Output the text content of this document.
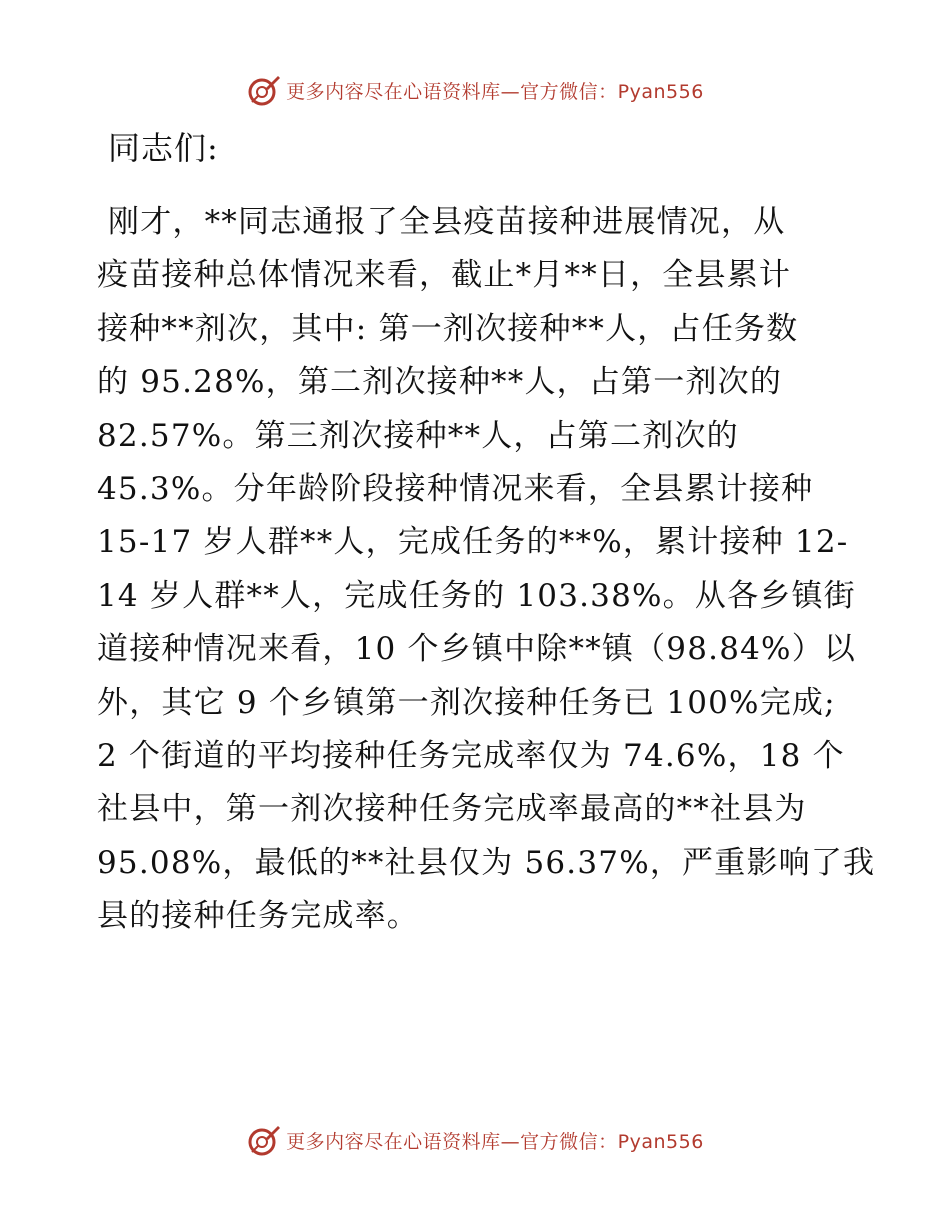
更多内容尽在心语资料库—官方微信：Pyan556
同志们:
刚才，**同志通报了全县疫苗接种进展情况，从
疫苗接种总体情况来看，截止*月**日，全县累计
接种**剂次，其中: 第一剂次接种**人，占任务数
的 95.28%，第二剂次接种**人，占第一剂次的
82.57%。第三剂次接种**人，占第二剂次的
45.3%。分年龄阶段接种情况来看，全县累计接种
15-17 岁人群**人，完成任务的**%，累计接种 12-
14 岁人群**人，完成任务的 103.38%。从各乡镇街
道接种情况来看，10 个乡镇中除**镇（98.84%）以
外，其它 9 个乡镇第一剂次接种任务已 100%完成;
2 个街道的平均接种任务完成率仅为 74.6%，18 个
社县中，第一剂次接种任务完成率最高的**社县为
95.08%，最低的**社县仅为 56.37%，严重影响了我
县的接种任务完成率。
更多内容尽在心语资料库—官方微信：Pyan556
